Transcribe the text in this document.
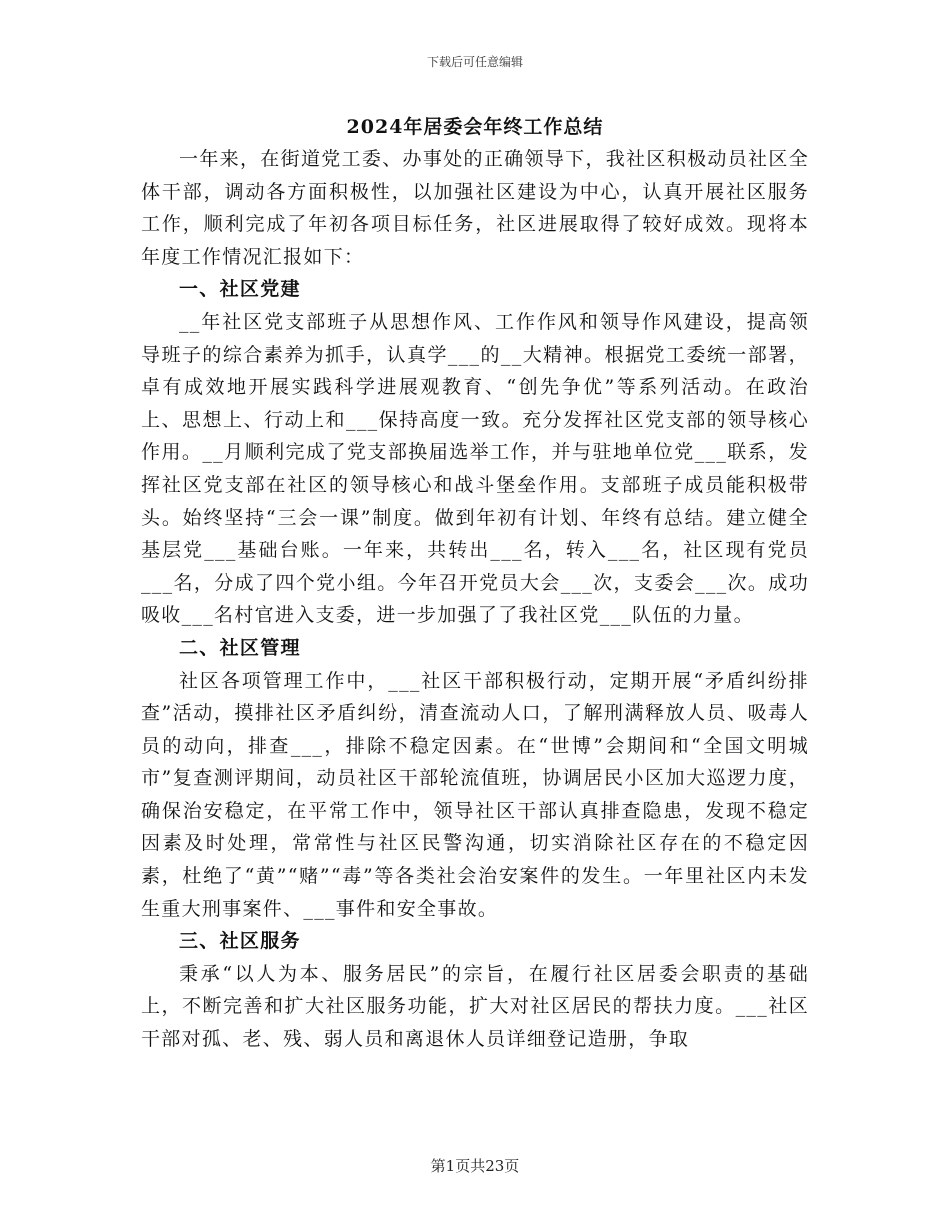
下载后可任意编辑
2024年居委会年终工作总结

一年来，在街道党工委、办事处的正确领导下，我社区积极动员社区全体干部，调动各方面积极性，以加强社区建设为中心，认真开展社区服务工作，顺利完成了年初各项目标任务，社区进展取得了较好成效。现将本年度工作情况汇报如下：

一、社区党建

__年社区党支部班子从思想作风、工作作风和领导作风建设，提高领导班子的综合素养为抓手，认真学___的__大精神。根据党工委统一部署，卓有成效地开展实践科学进展观教育、“创先争优”等系列活动。在政治上、思想上、行动上和___保持高度一致。充分发挥社区党支部的领导核心作用。__月顺利完成了党支部换届选举工作，并与驻地单位党___联系，发挥社区党支部在社区的领导核心和战斗堡垒作用。支部班子成员能积极带头。始终坚持“三会一课”制度。做到年初有计划、年终有总结。建立健全基层党___基础台账。一年来，共转出___名，转入___名，社区现有党员___名，分成了四个党小组。今年召开党员大会___次，支委会___次。成功吸收___名村官进入支委，进一步加强了了我社区党___队伍的力量。

二、社区管理

社区各项管理工作中，___社区干部积极行动，定期开展“矛盾纠纷排查”活动，摸排社区矛盾纠纷，清查流动人口，了解刑满释放人员、吸毒人员的动向，排查___，排除不稳定因素。在“世博”会期间和“全国文明城市”复查测评期间，动员社区干部轮流值班，协调居民小区加大巡逻力度，确保治安稳定，在平常工作中，领导社区干部认真排查隐患，发现不稳定因素及时处理，常常性与社区民警沟通，切实消除社区存在的不稳定因素，杜绝了“黄”“赌”“毒”等各类社会治安案件的发生。一年里社区内未发生重大刑事案件、___事件和安全事故。

三、社区服务

秉承“以人为本、服务居民”的宗旨，在履行社区居委会职责的基础上，不断完善和扩大社区服务功能，扩大对社区居民的帮扶力度。___社区干部对孤、老、残、弱人员和离退休人员详细登记造册，争取

第1页共23页
